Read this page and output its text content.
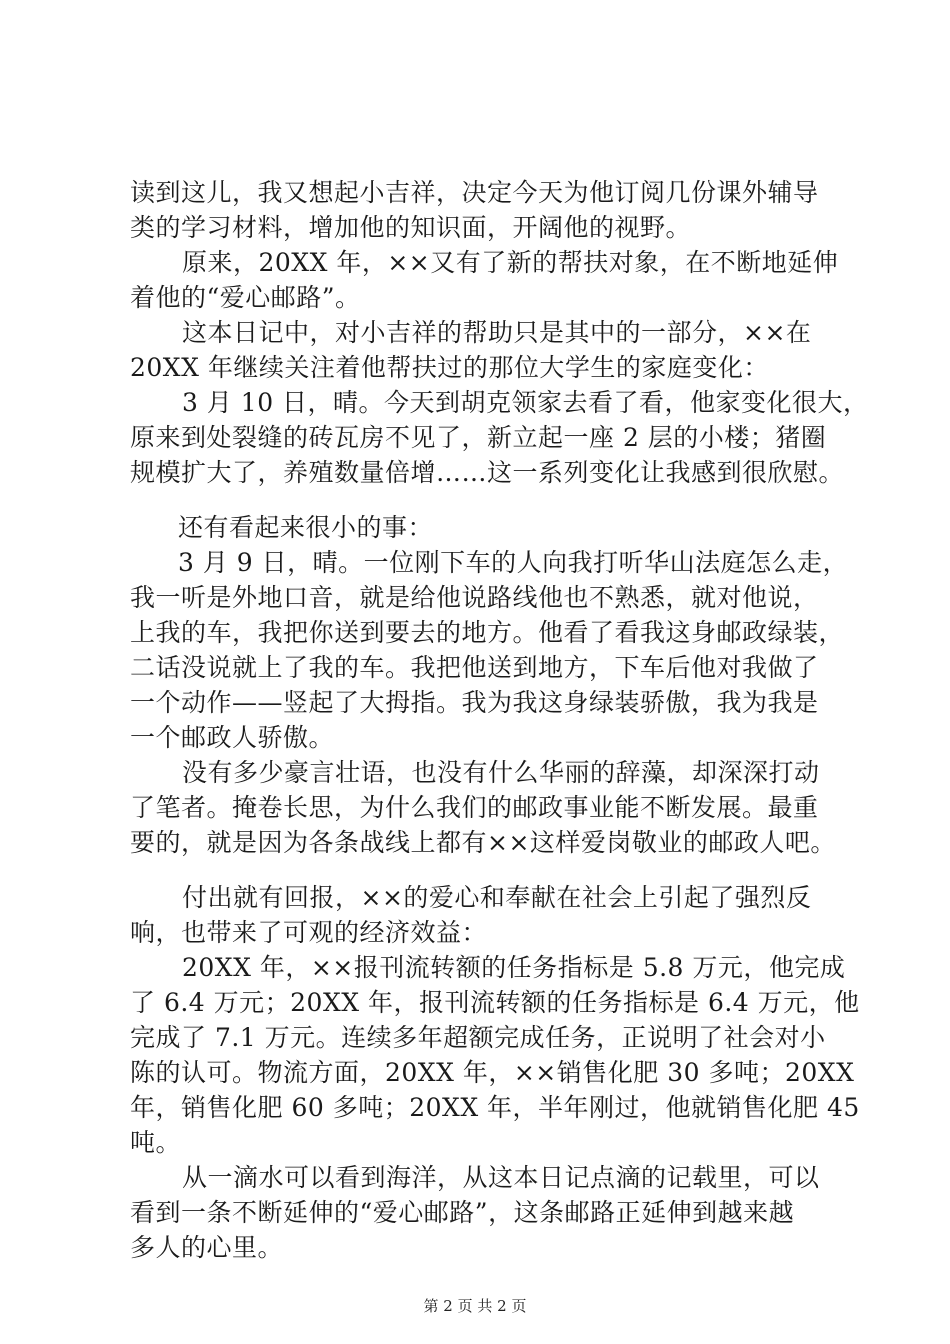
读到这儿，我又想起小吉祥，决定今天为他订阅几份课外辅导
类的学习材料，增加他的知识面，开阔他的视野。
原来，20XX 年，××又有了新的帮扶对象，在不断地延伸
着他的“爱心邮路”。
这本日记中，对小吉祥的帮助只是其中的一部分，××在
20XX 年继续关注着他帮扶过的那位大学生的家庭变化：
3 月 10 日，晴。今天到胡克领家去看了看，他家变化很大，
原来到处裂缝的砖瓦房不见了，新立起一座 2 层的小楼；猪圈
规模扩大了，养殖数量倍增……这一系列变化让我感到很欣慰。
还有看起来很小的事：
3 月 9 日，晴。一位刚下车的人向我打听华山法庭怎么走，
我一听是外地口音，就是给他说路线他也不熟悉，就对他说，
上我的车，我把你送到要去的地方。他看了看我这身邮政绿装，
二话没说就上了我的车。我把他送到地方，下车后他对我做了
一个动作——竖起了大拇指。我为我这身绿装骄傲，我为我是
一个邮政人骄傲。
没有多少豪言壮语，也没有什么华丽的辞藻，却深深打动
了笔者。掩卷长思，为什么我们的邮政事业能不断发展。最重
要的，就是因为各条战线上都有××这样爱岗敬业的邮政人吧。
付出就有回报，××的爱心和奉献在社会上引起了强烈反
响，也带来了可观的经济效益：
20XX 年，××报刊流转额的任务指标是 5.8 万元，他完成
了 6.4 万元；20XX 年，报刊流转额的任务指标是 6.4 万元，他
完成了 7.1 万元。连续多年超额完成任务，正说明了社会对小
陈的认可。物流方面，20XX 年，××销售化肥 30 多吨；20XX
年，销售化肥 60 多吨；20XX 年，半年刚过，他就销售化肥 45
吨。
从一滴水可以看到海洋，从这本日记点滴的记载里，可以
看到一条不断延伸的“爱心邮路”，这条邮路正延伸到越来越
多人的心里。
第 2 页 共 2 页
